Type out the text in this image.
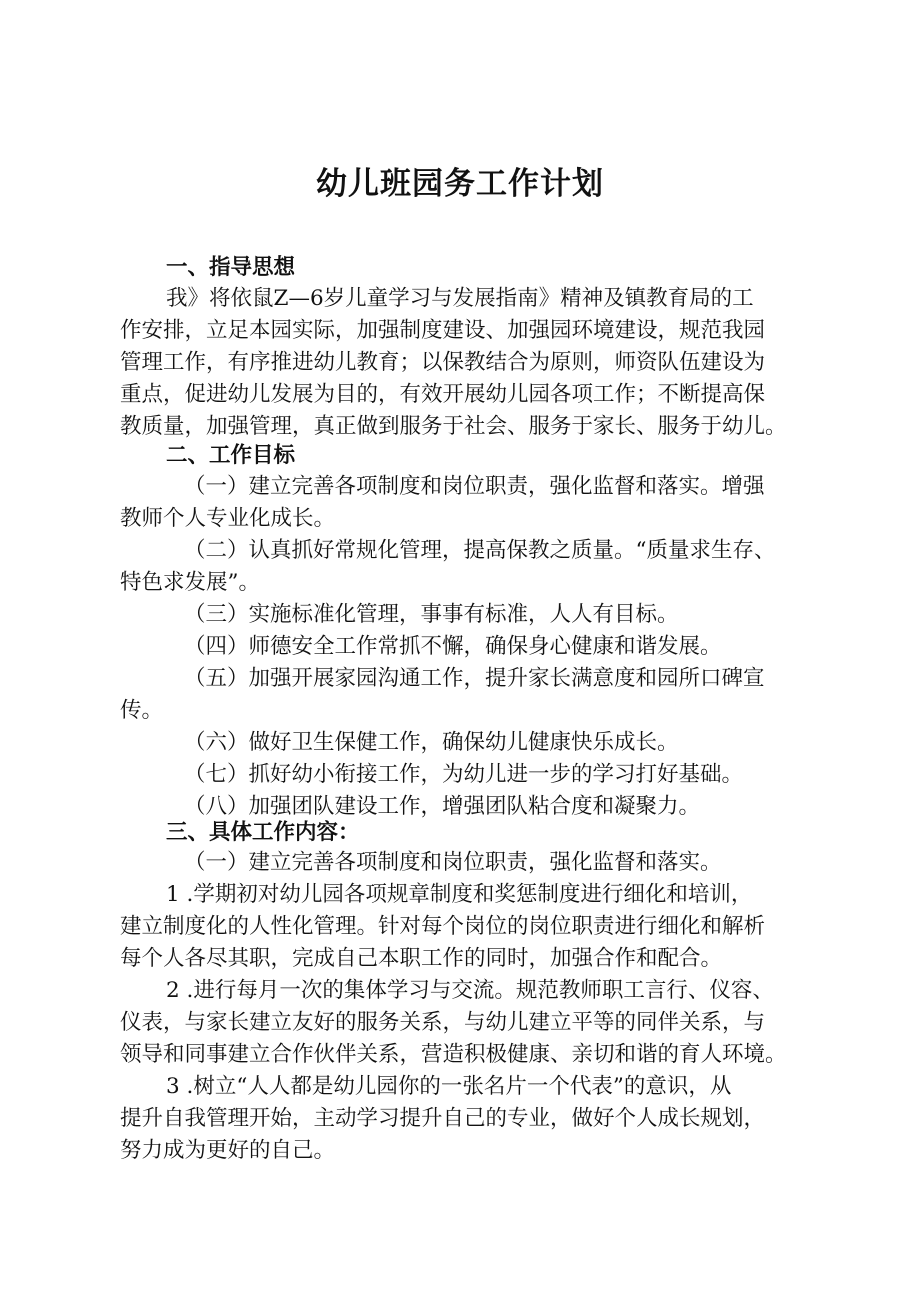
幼儿班园务工作计划
一、指导思想
我》将依鼠Z—6岁儿童学习与发展指南》精神及镇教育局的工
作安排，立足本园实际，加强制度建设、加强园环境建设，规范我园
管理工作，有序推进幼儿教育；以保教结合为原则，师资队伍建设为
重点，促进幼儿发展为目的，有效开展幼儿园各项工作；不断提高保
教质量，加强管理，真正做到服务于社会、服务于家长、服务于幼儿。
二、工作目标
（一）建立完善各项制度和岗位职责，强化监督和落实。增强
教师个人专业化成长。
（二）认真抓好常规化管理，提高保教之质量。“质量求生存、
特色求发展”。
（三）实施标准化管理，事事有标准，人人有目标。
（四）师德安全工作常抓不懈，确保身心健康和谐发展。
（五）加强开展家园沟通工作，提升家长满意度和园所口碑宣
传。
（六）做好卫生保健工作，确保幼儿健康快乐成长。
（七）抓好幼小衔接工作，为幼儿进一步的学习打好基础。
（八）加强团队建设工作，增强团队粘合度和凝聚力。
三、具体工作内容：
（一）建立完善各项制度和岗位职责，强化监督和落实。
1 .学期初对幼儿园各项规章制度和奖惩制度进行细化和培训，
建立制度化的人性化管理。针对每个岗位的岗位职责进行细化和解析
每个人各尽其职，完成自己本职工作的同时，加强合作和配合。
2 .进行每月一次的集体学习与交流。规范教师职工言行、仪容、
仪表，与家长建立友好的服务关系，与幼儿建立平等的同伴关系，与
领导和同事建立合作伙伴关系，营造积极健康、亲切和谐的育人环境。
3 .树立“人人都是幼儿园你的一张名片一个代表”的意识，从
提升自我管理开始，主动学习提升自己的专业，做好个人成长规划，
努力成为更好的自己。
